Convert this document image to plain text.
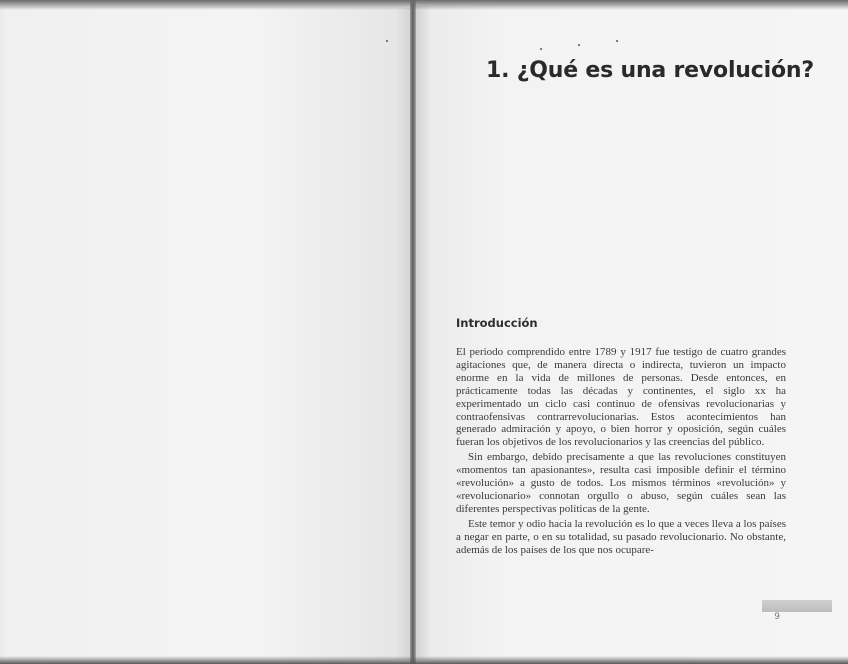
1. ¿Qué es una revolución?
Introducción

El periodo comprendido entre 1789 y 1917 fue testigo de cuatro grandes agitaciones que, de manera directa o indirecta, tuvieron un impacto enorme en la vida de millones de personas. Desde entonces, en prácticamente todas las décadas y continentes, el siglo xx ha experimentado un ciclo casi continuo de ofensivas revolucionarias y contraofensivas contrarrevolucionarias. Estos acontecimientos han generado admiración y apoyo, o bien horror y oposición, según cuáles fueran los objetivos de los revolucionarios y las creencias del público.

Sin embargo, debido precisamente a que las revoluciones constituyen «momentos tan apasionantes», resulta casi imposible definir el término «revolución» a gusto de todos. Los mismos términos «revolución» y «revolucionario» connotan orgullo o abuso, según cuáles sean las diferentes perspectivas políticas de la gente.

Este temor y odio hacia la revolución es lo que a veces lleva a los países a negar en parte, o en su totalidad, su pasado revolucionario. No obstante, además de los países de los que nos ocupare-

9
